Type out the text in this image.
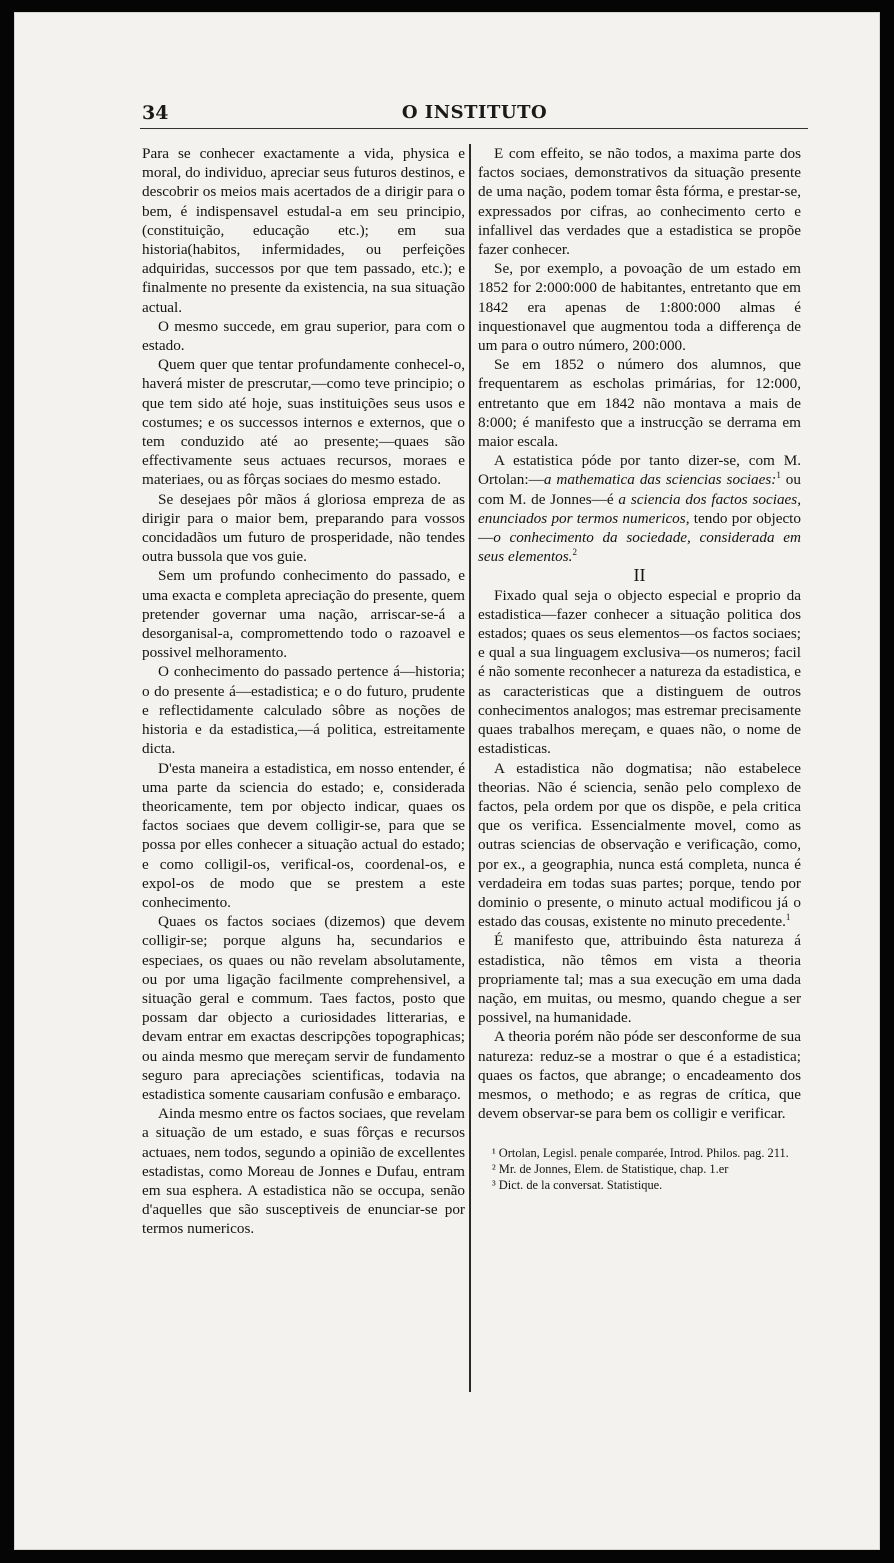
34	O INSTITUTO

Para se conhecer exactamente a vida, physica e moral, do individuo, apreciar seus futuros destinos, e descobrir os meios mais acertados de a dirigir para o bem, é indispensavel estudal-a em seu principio, (constituição, educação etc.); em sua historia(habitos, infermidades, ou perfeições adquiridas, successos por que tem passado, etc.); e finalmente no presente da existencia, na sua situação actual.

O mesmo succede, em grau superior, para com o estado.

Quem quer que tentar profundamente conhecel-o, haverá mister de prescrutar,—como teve principio; o que tem sido até hoje, suas instituições seus usos e costumes; e os successos internos e externos, que o tem conduzido até ao presente;—quaes são effectivamente seus actuaes recursos, moraes e materiaes, ou as fôrças sociaes do mesmo estado.

Se desejaes pôr mãos á gloriosa empreza de as dirigir para o maior bem, preparando para vossos concidadãos um futuro de prosperidade, não tendes outra bussola que vos guie.

Sem um profundo conhecimento do passado, e uma exacta e completa apreciação do presente, quem pretender governar uma nação, arriscar-se-á a desorganisal-a, compromettendo todo o razoavel e possivel melhoramento.

O conhecimento do passado pertence á—historia; o do presente á—estadistica; e o do futuro, prudente e reflectidamente calculado sôbre as noções de historia e da estadistica,—á politica, estreitamente dicta.

D'esta maneira a estadistica, em nosso entender, é uma parte da sciencia do estado; e, considerada theoricamente, tem por objecto indicar, quaes os factos sociaes que devem colligir-se, para que se possa por elles conhecer a situação actual do estado; e como colligil-os, verifical-os, coordenal-os, e expol-os de modo que se prestem a este conhecimento.

Quaes os factos sociaes (dizemos) que devem colligir-se; porque alguns ha, secundarios e especiaes, os quaes ou não revelam absolutamente, ou por uma ligação facilmente comprehensivel, a situação geral e commum. Taes factos, posto que possam dar objecto a curiosidades litterarias, e devam entrar em exactas descripções topographicas; ou ainda mesmo que mereçam servir de fundamento seguro para apreciações scientificas, todavia na estadistica somente causariam confusão e embaraço.

Ainda mesmo entre os factos sociaes, que revelam a situação de um estado, e suas fôrças e recursos actuaes, nem todos, segundo a opinião de excellentes estadistas, como Moreau de Jonnes e Dufau, entram em sua esphera. A estadistica não se occupa, senão d'aquelles que são susceptiveis de enunciar-se por termos numericos.

E com effeito, se não todos, a maxima parte dos factos sociaes, demonstrativos da situação presente de uma nação, podem tomar êsta fórma, e prestar-se, expressados por cifras, ao conhecimento certo e infallivel das verdades que a estadistica se propõe fazer conhecer.

Se, por exemplo, a povoação de um estado em 1852 for 2:000:000 de habitantes, entretanto que em 1842 era apenas de 1:800:000 almas é inquestionavel que augmentou toda a differença de um para o outro número, 200:000.

Se em 1852 o número dos alumnos, que frequentarem as escholas primárias, for 12:000, entretanto que em 1842 não montava a mais de 8:000; é manifesto que a instrucção se derrama em maior escala.

A estatistica póde por tanto dizer-se, com M. Ortolan:—a mathematica das sciencias sociaes:$^1$ ou com M. de Jonnes—é a sciencia dos factos sociaes, enunciados por termos numericos, tendo por objecto—o conhecimento da sociedade, considerada em seus elementos.$^2$

II

Fixado qual seja o objecto especial e proprio da estadistica—fazer conhecer a situação politica dos estados; quaes os seus elementos—os factos sociaes; e qual a sua linguagem exclusiva—os numeros; facil é não somente reconhecer a natureza da estadistica, e as caracteristicas que a distinguem de outros conhecimentos analogos; mas estremar precisamente quaes trabalhos mereçam, e quaes não, o nome de estadisticas.

A estadistica não dogmatisa; não estabelece theorias. Não é sciencia, senão pelo complexo de factos, pela ordem por que os dispõe, e pela critica que os verifica. Essencialmente movel, como as outras sciencias de observação e verificação, como, por ex., a geographia, nunca está completa, nunca é verdadeira em todas suas partes; porque, tendo por dominio o presente, o minuto actual modificou já o estado das cousas, existente no minuto precedente.$^1$

É manifesto que, attribuindo êsta natureza á estadistica, não têmos em vista a theoria propriamente tal; mas a sua execução em uma dada nação, em muitas, ou mesmo, quando chegue a ser possivel, na humanidade.

A theoria porém não póde ser desconforme de sua natureza: reduz-se a mostrar o que é a estadistica; quaes os factos, que abrange; o encadeamento dos mesmos, o methodo; e as regras de crítica, que devem observar-se para bem os colligir e verificar.

¹ Ortolan, Legisl. penale comparée, Introd. Philos. pag. 211.
² Mr. de Jonnes, Elem. de Statistique, chap. 1.er
³ Dict. de la conversat. Statistique.
